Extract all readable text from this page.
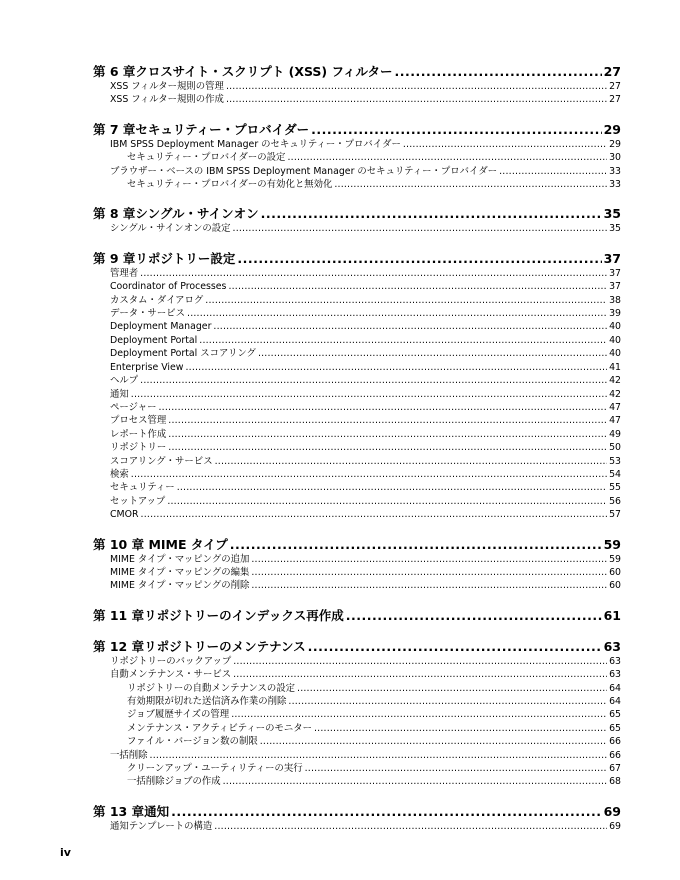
第 6 章クロスサイト・スクリプト (XSS) フィルター .....	27
XSS フィルター規則の管理 .....	27
XSS フィルター規則の作成 .....	27
第 7 章セキュリティー・プロバイダー .....	29
IBM SPSS Deployment Manager のセキュリティー・プロバイダー .....	29
セキュリティー・プロバイダーの設定 .....	30
ブラウザー・ベースの IBM SPSS Deployment Manager のセキュリティー・プロバイダー .....	33
セキュリティー・プロバイダーの有効化と無効化 .....	33
第 8 章シングル・サインオン .....	35
シングル・サインオンの設定 .....	35
第 9 章リポジトリー設定 .....	37
管理者 .....	37
Coordinator of Processes .....	37
カスタム・ダイアログ .....	38
データ・サービス .....	39
Deployment Manager .....	40
Deployment Portal .....	40
Deployment Portal スコアリング .....	40
Enterprise View .....	41
ヘルプ .....	42
通知 .....	42
ページャー .....	47
プロセス管理 .....	47
レポート作成 .....	49
リポジトリー .....	50
スコアリング・サービス .....	53
検索 .....	54
セキュリティー .....	55
セットアップ .....	56
CMOR .....	57
第 10 章 MIME タイプ .....	59
MIME タイプ・マッピングの追加 .....	59
MIME タイプ・マッピングの編集 .....	60
MIME タイプ・マッピングの削除 .....	60
第 11 章リポジトリーのインデックス再作成 .....	61
第 12 章リポジトリーのメンテナンス .....	63
リポジトリーのバックアップ .....	63
自動メンテナンス・サービス .....	63
リポジトリーの自動メンテナンスの設定 .....	64
有効期限が切れた送信済み作業の削除 .....	64
ジョブ履歴サイズの管理 .....	65
メンテナンス・アクティビティーのモニター .....	65
ファイル・バージョン数の制限 .....	66
一括削除 .....	66
クリーンアップ・ユーティリティーの実行 .....	67
一括削除ジョブの作成 .....	68
第 13 章通知 .....	69
通知テンプレートの構造 .....	69
iv
